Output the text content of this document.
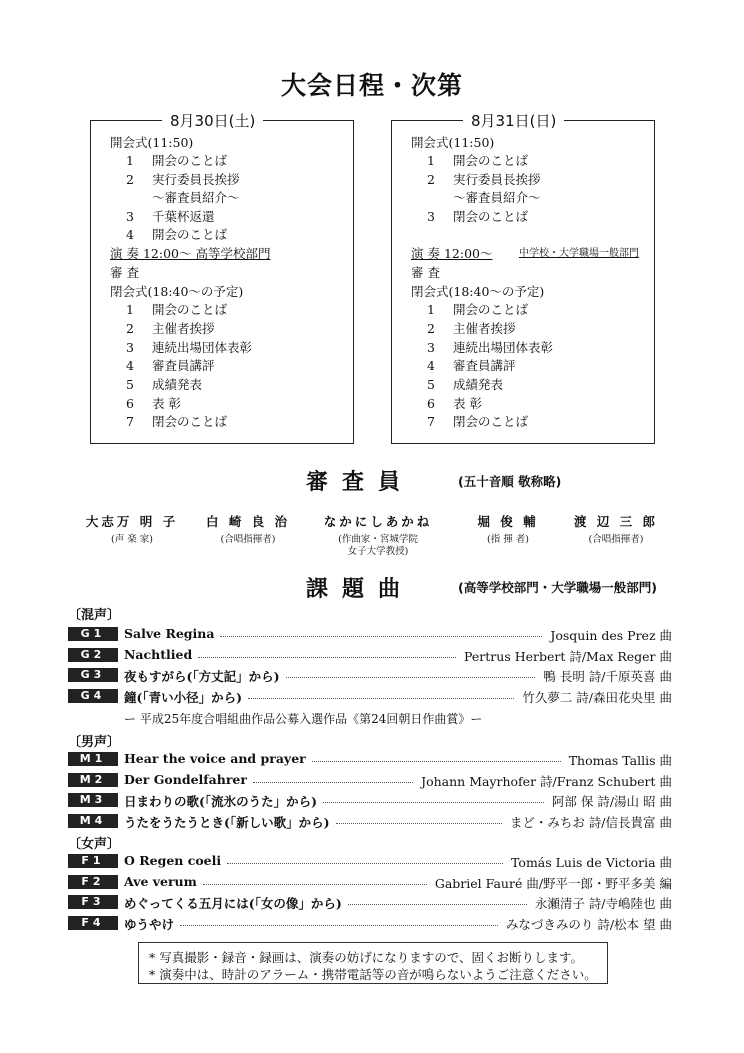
大会日程・次第
8月30日(土)
開会式(11:50)
1 開会のことば
2 実行委員長挨拶
～審査員紹介～
3 千葉杯返還
4 開会のことば
演 奏 12:00～ 高等学校部門
審 査
閉会式(18:40～の予定)
1 開会のことば
2 主催者挨拶
3 連続出場団体表彰
4 審査員講評
5 成績発表
6 表 彰
7 閉会のことば
8月31日(日)
開会式(11:50)
1 開会のことば
2 実行委員長挨拶
～審査員紹介～
3 閉会のことば
演 奏 12:00～	中学校・大学職場一般部門
審 査
閉会式(18:40～の予定)
1 開会のことば
2 主催者挨拶
3 連続出場団体表彰
4 審査員講評
5 成績発表
6 表 彰
7 閉会のことば
審査員	(五十音順 敬称略)
大志万 明 子
(声 楽 家)
白 崎 良 治
(合唱指揮者)
なかにしあかね
(作曲家・宮城学院
女子大学教授)
堀 俊 輔
(指 揮 者)
渡 辺 三 郎
(合唱指揮者)
課題曲	(高等学校部門・大学職場一般部門)
〔混声〕
G1	Salve Regina	Josquin des Prez 曲
G2	Nachtlied	Pertrus Herbert 詩/Max Reger 曲
G3	夜もすがら(「方丈記」から)	鴨 長明 詩/千原英喜 曲
G4	鐘(「青い小径」から)	竹久夢二 詩/森田花央里 曲
ー 平成25年度合唱組曲作品公募入選作品《第24回朝日作曲賞》ー
〔男声〕
M1	Hear the voice and prayer	Thomas Tallis 曲
M2	Der Gondelfahrer	Johann Mayrhofer 詩/Franz Schubert 曲
M3	日まわりの歌(「流氷のうた」から)	阿部 保 詩/湯山 昭 曲
M4	うたをうたうとき(「新しい歌」から)	まど・みちお 詩/信長貴富 曲
〔女声〕
F1	O Regen coeli	Tomás Luis de Victoria 曲
F2	Ave verum	Gabriel Fauré 曲/野平一郎・野平多美 編
F3	めぐってくる五月には(「女の像」から)	永瀬清子 詩/寺嶋陸也 曲
F4	ゆうやけ	みなづきみのり 詩/松本 望 曲
* 写真撮影・録音・録画は、演奏の妨げになりますので、固くお断りします。
* 演奏中は、時計のアラーム・携帯電話等の音が鳴らないようご注意ください。
